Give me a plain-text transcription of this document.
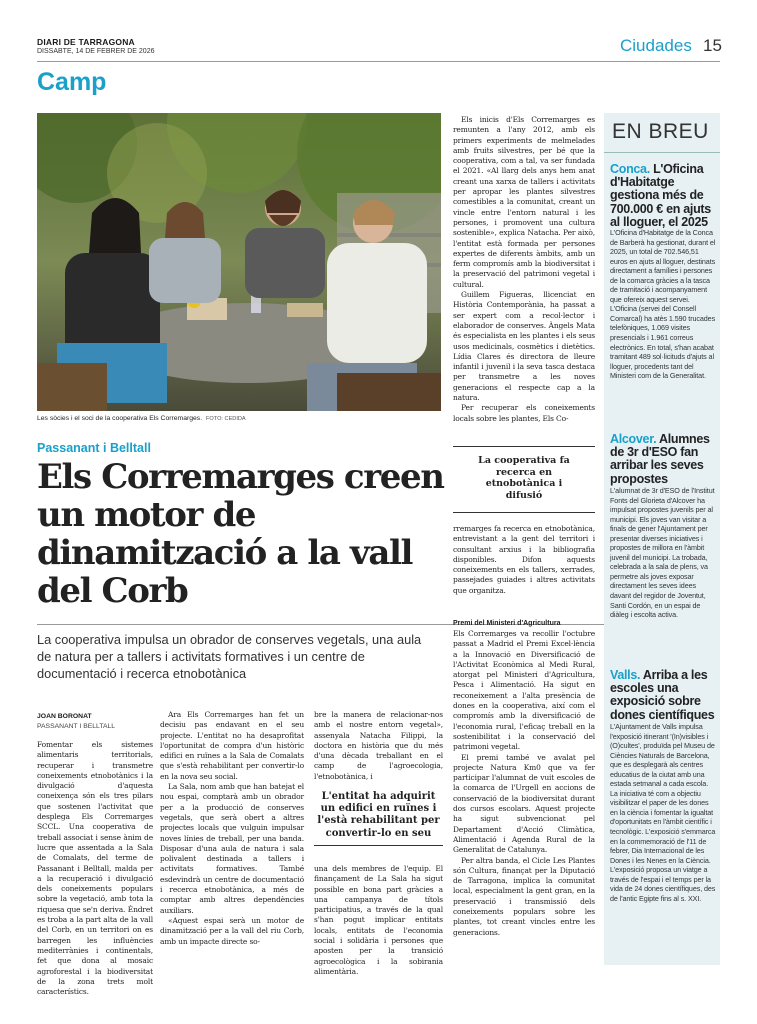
DIARI DE TARRAGONA
DISSABTE, 14 DE FEBRER DE 2026	Ciudades 15
Camp
Les sòcies i el soci de la cooperativa Els Corremarges. FOTO: CEDIDA
Passanant i Belltall
Els Corremarges creen un motor de dinamització a la vall del Corb
La cooperativa impulsa un obrador de conserves vegetals, una aula de natura per a tallers i activitats formatives i un centre de documentació i recerca etnobotànica
JOAN BORONAT
PASSANANT I BELLTALL

Fomentar els sistemes alimentaris territorials, recuperar i transmetre coneixements etnobotànics i la divulgació d'aquesta coneixença són els tres pilars que sostenen l'activitat que desplega Els Corremarges SCCL. Una cooperativa de treball associat i sense ànim de lucre que assentada a la Sala de Comalats, del terme de Passanant i Belltall, malda per a la recuperació i divulgació dels coneixements populars sobre la vegetació, amb tota la riquesa que se'n deriva. Éndret es troba a la part alta de la vall del Corb, en un territori on es barregen les influències mediterrànies i continentals, fet que dona al mosaic agroforestal i la biodiversitat de la zona trets molt característics.

Ara Els Corremarges han fet un decisiu pas endavant en el seu projecte. L'entitat no ha desaprofitat l'oportunitat de compra d'un històric edifici en ruïnes a la Sala de Comalats que s'està rehabilitant per convertir-lo en la nova seu social.

La Sala, nom amb que han batejat el nou espai, comptarà amb un obrador per a la producció de conserves vegetals, que serà obert a altres projectes locals que vulguin impulsar noves línies de treball, per una banda. Disposar d'una aula de natura i sala polivalent destinada a tallers i activitats formatives. També esdevindrà un centre de documentació i recerca etnobotànica, a més de comptar amb altres dependències auxiliars.

«Aquest espai serà un motor de dinamització per a la vall del riu Corb, amb un impacte directe so-

bre la manera de relacionar-nos amb el nostre entorn vegetal», assenyala Natacha Filippi, la doctora en història que du més d'una dècada treballant en el camp de l'agroecologia, l'etnobotànica, i

L'entitat ha adquirit un edifici en ruïnes i l'està rehabilitant per convertir-lo en seu

una dels membres de l'equip. El finançament de La Sala ha sigut possible en bona part gràcies a una campanya de títols participatius, a través de la qual s'han pogut implicar entitats locals, entitats de l'economia social i solidària i persones que aposten per la transició agroecològica i la sobirania alimentària.

Els inicis d'Els Corremarges es remunten a l'any 2012, amb els primers experiments de melmelades amb fruits silvestres, per bé que la cooperativa, com a tal, va ser fundada el 2021. «Al llarg dels anys hem anat creant una xarxa de tallers i activitats per apropar les plantes silvestres comestibles a la comunitat, creant un vincle entre l'entorn natural i les persones, i promovent una cultura sostenible», explica Natacha. Per això, l'entitat està formada per persones expertes de diferents àmbits, amb un ferm compromís amb la biodiversitat i la preservació del patrimoni vegetal i cultural.

Guillem Figueras, llicenciat en Història Contemporània, ha passat a ser expert com a recol·lector i elaborador de conserves. Àngels Mata és especialista en les plantes i els seus usos medicinals, cosmètics i dietètics. Lídia Clares és directora de lleure infantil i juvenil i la seva tasca destaca per transmetre a les noves generacions el respecte cap a la natura.

Per recuperar els coneixements locals sobre les plantes, Els Co-

La cooperativa fa recerca en etnobotànica i difusió

rremarges fa recerca en etnobotànica, entrevistant a la gent del territori i consultant arxius i la bibliografia disponibles. Difon aquests coneixements en els tallers, xerrades, passejades guiades i altres activitats que organitza.

Premi del Ministeri d'Agricultura

Els Corremarges va recollir l'octubre passat a Madrid el Premi Excel·lència a la Innovació en Diversificació de l'Activitat Econòmica al Medi Rural, atorgat pel Ministeri d'Agricultura, Pesca i Alimentació. Ha sigut en reconeixement a l'alta presència de dones en la cooperativa, així com el compromís amb la diversificació de l'economia rural, l'eficaç treball en la sostenibilitat i la conservació del patrimoni vegetal.

El premi també ve avalat pel projecte Natura Km0 que va fer participar l'alumnat de vuit escoles de la comarca de l'Urgell en accions de conservació de la biodiversitat durant dos cursos escolars. Aquest projecte ha sigut subvencionat pel Departament d'Acció Climàtica, Alimentació i Agenda Rural de la Generalitat de Catalunya.

Per altra banda, el Cicle Les Plantes són Cultura, finançat per la Diputació de Tarragona, implica la comunitat local, especialment la gent gran, en la preservació i transmissió dels coneixements populars sobre les plantes, tot creant vincles entre les generacions.

EN BREU
Conca. L'Oficina d'Habitatge gestiona més de 700.000 € en ajuts al lloguer, el 2025
L'Oficina d'Habitatge de la Conca de Barberà ha gestionat, durant el 2025, un total de 702.546,51 euros en ajuts al lloguer, destinats directament a famílies i persones de la comarca gràcies a la tasca de tramitació i acompanyament que ofereix aquest servei. L'Oficina (servei del Consell Comarcal) ha atès 1.590 trucades telefòniques, 1.069 visites presencials i 1.961 correus electrònics. En total, s'han acabat tramitant 489 sol·licituds d'ajuts al lloguer, procedents tant del Ministeri com de la Generalitat.
Alcover. Alumnes de 3r d'ESO fan arribar les seves propostes
L'alumnat de 3r d'ESO de l'Institut Fonts del Glorieta d'Alcover ha impulsat propostes juvenils per al municipi. Els joves van visitar a finals de gener l'Ajuntament per presentar diverses iniciatives i propostes de millora en l'àmbit juvenil del municipi. La trobada, celebrada a la sala de plens, va permetre als joves exposar directament les seves idees davant del regidor de Joventut, Santi Cordón, en un espai de diàleg i escolta activa.
Valls. Arriba a les escoles una exposició sobre dones científiques
L'Ajuntament de Valls impulsa l'exposició itinerant '(In)visibles i (O)cultes', produïda pel Museu de Ciències Naturals de Barcelona, que es desplegarà als centres educatius de la ciutat amb una estada setmanal a cada escola. La iniciativa té com a objectiu visibilitzar el paper de les dones en la ciència i fomentar la igualtat d'oportunitats en l'àmbit científic i tecnològic. L'exposició s'emmarca en la commemoració de l'11 de febrer, Dia Internacional de les Dones i les Nenes en la Ciència. L'exposició proposa un viatge a través de l'espai i el temps per la vida de 24 dones científiques, des de l'antic Egipte fins al s. XXI.
